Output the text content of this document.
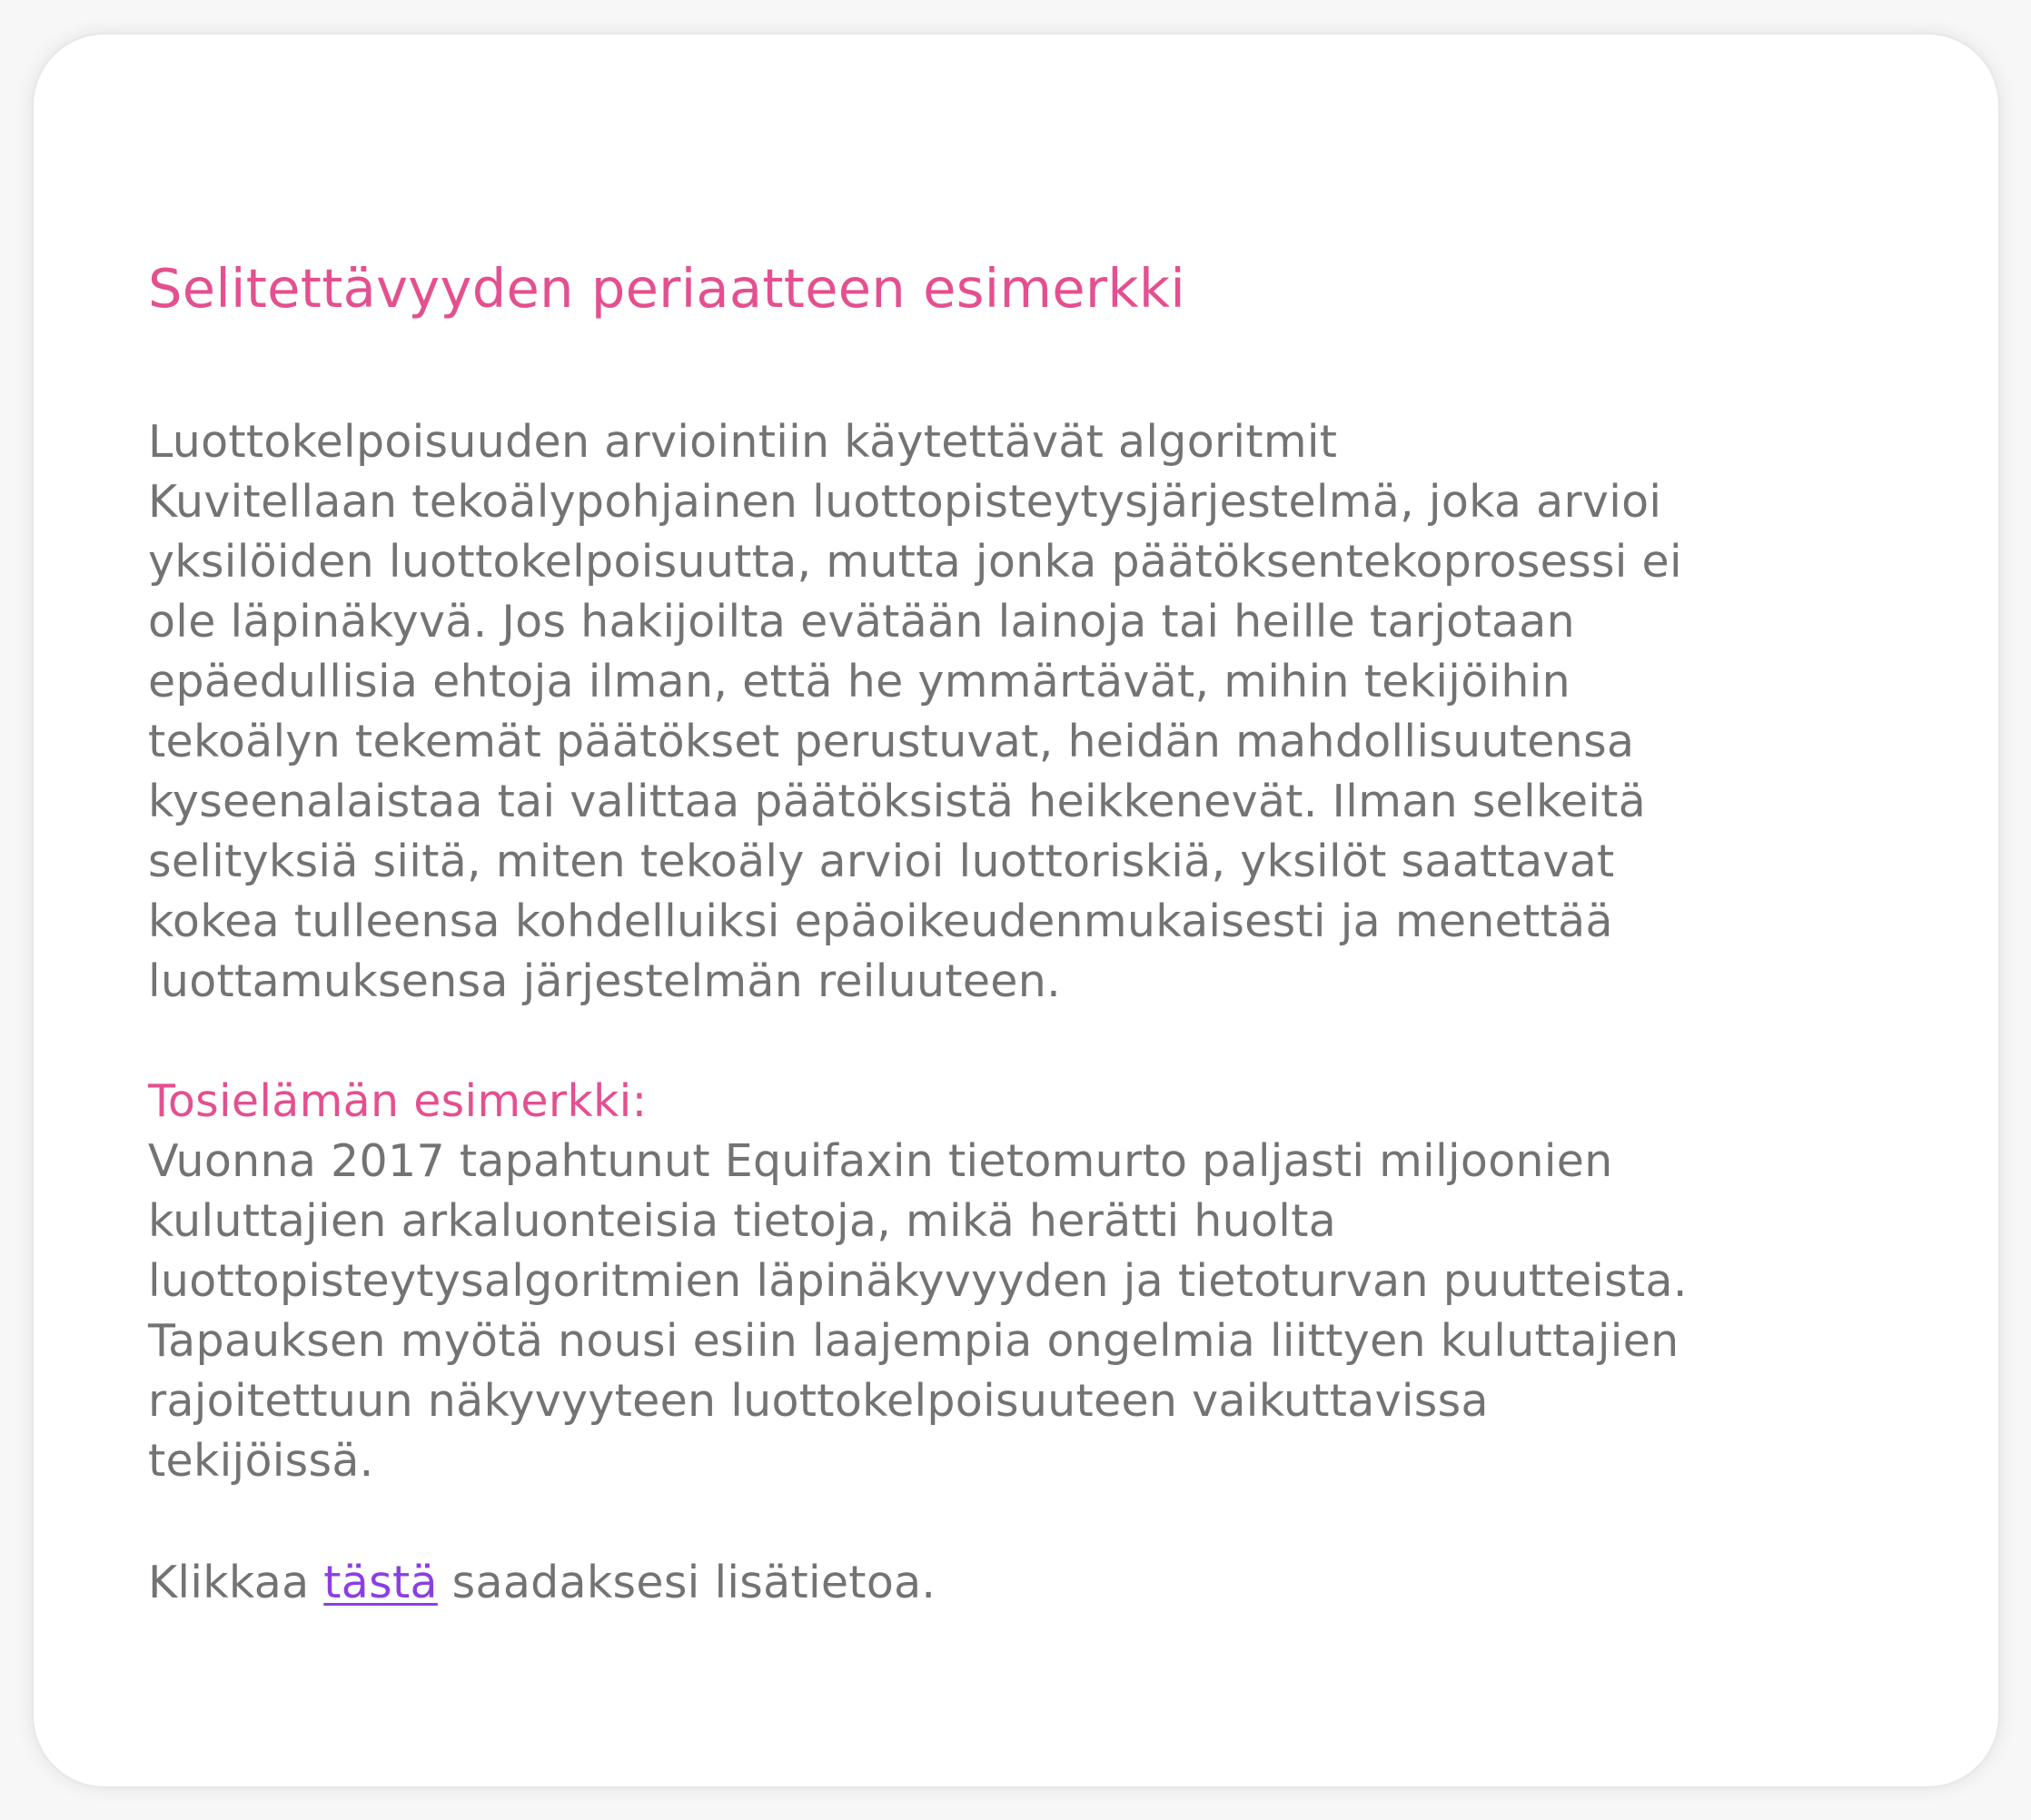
Selitettävyyden periaatteen esimerkki

Luottokelpoisuuden arviointiin käytettävät algoritmit
Kuvitellaan tekoälypohjainen luottopisteytysjärjestelmä, joka arvioi
yksilöiden luottokelpoisuutta, mutta jonka päätöksentekoprosessi ei
ole läpinäkyvä. Jos hakijoilta evätään lainoja tai heille tarjotaan
epäedullisia ehtoja ilman, että he ymmärtävät, mihin tekijöihin
tekoälyn tekemät päätökset perustuvat, heidän mahdollisuutensa
kyseenalaistaa tai valittaa päätöksistä heikkenevät. Ilman selkeitä
selityksiä siitä, miten tekoäly arvioi luottoriskiä, yksilöt saattavat
kokea tulleensa kohdelluiksi epäoikeudenmukaisesti ja menettää
luottamuksensa järjestelmän reiluuteen.

Tosielämän esimerkki:

Vuonna 2017 tapahtunut Equifaxin tietomurto paljasti miljoonien
kuluttajien arkaluonteisia tietoja, mikä herätti huolta
luottopisteytysalgoritmien läpinäkyvyyden ja tietoturvan puutteista.
Tapauksen myötä nousi esiin laajempia ongelmia liittyen kuluttajien
rajoitettuun näkyvyyteen luottokelpoisuuteen vaikuttavissa
tekijöissä.

Klikkaa tästä saadaksesi lisätietoa.
